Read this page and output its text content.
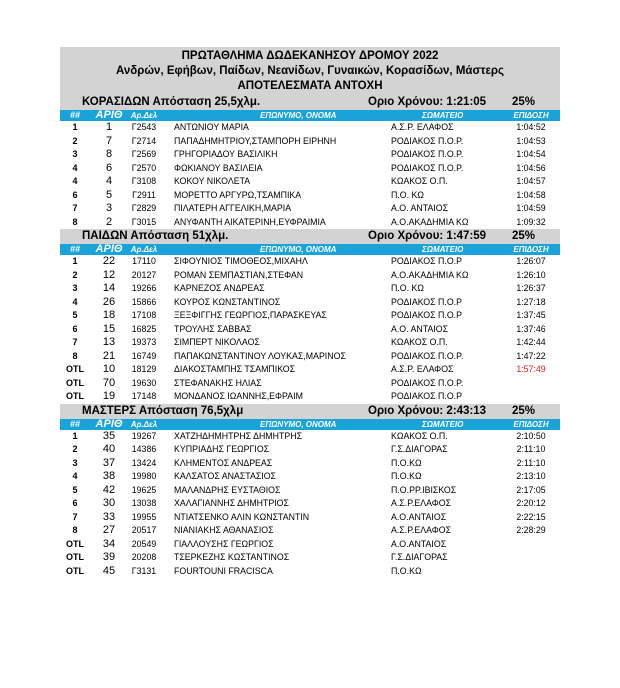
ΠΡΩΤΑΘΛΗΜΑ ΔΩΔΕΚΑΝΗΣΟΥ ΔΡΟΜΟΥ 2022
Ανδρών, Εφήβων, Παίδων, Νεανίδων, Γυναικών, Κορασίδων, Μάστερς
ΑΠΟΤΕΛΕΣΜΑΤΑ ΑΝΤΟΧΗ
ΚΟΡΑΣΙΔΩΝ Απόσταση 25,5χλμ.	Οριο Χρόνου: 1:21:05 25%
##	ΑΡΙΘ	Αρ.Δελ	ΕΠΩΝΥΜΟ, ΟΝΟΜΑ	ΣΩΜΑΤΕΙΟ	ΕΠΙΔΟΣΗ
1	1	Γ2543	ΑΝΤΩΝΙΟΥ ΜΑΡΙΑ	Α.Σ.Ρ. ΕΛΑΦΟΣ	1:04:52
2	7	Γ2714	ΠΑΠΑΔΗΜΗΤΡΙΟΥ,ΣΤΑΜΠΟΡΗ ΕΙΡΗΝΗ	ΡΟΔΙΑΚΟΣ Π.Ο.Ρ.	1:04:53
3	8	Γ2569	ΓΡΗΓΟΡΙΑΔΟΥ ΒΑΣΙΛΙΚΗ	ΡΟΔΙΑΚΟΣ Π.Ο.Ρ.	1:04:54
4	6	Γ2570	ΦΩΚΙΑΝΟΥ ΒΑΣΙΛΕΙΑ	ΡΟΔΙΑΚΟΣ Π.Ο.Ρ.	1:04:56
4	4	Γ3108	ΚΟΚΟΥ ΝΙΚΟΛΕΤΑ	ΚΩΑΚΟΣ Ο.Π.	1:04:57
6	5	Γ2911	ΜΟΡΕΤΤΟ ΑΡΓΥΡΩ,ΤΣΑΜΠΙΚΑ	Π.Ο. ΚΩ	1:04:58
7	3	Γ2829	ΠΙΛΑΤΕΡΗ ΑΓΓΕΛΙΚΗ,ΜΑΡΙΑ	Α.Ο. ΑΝΤΑΙΟΣ	1:04:59
8	2	Γ3015	ΑΝΥΦΑΝΤΗ ΑΙΚΑΤΕΡΙΝΗ,ΕΥΦΡΑΙΜΙΑ	Α.Ο.ΑΚΑΔΗΜΙΑ ΚΩ	1:09:32
ΠΑΙΔΩΝ Απόσταση 51χλμ.	Οριο Χρόνου: 1:47:59 25%
##	ΑΡΙΘ	Αρ.Δελ	ΕΠΩΝΥΜΟ, ΟΝΟΜΑ	ΣΩΜΑΤΕΙΟ	ΕΠΙΔΟΣΗ
1	22	17110	ΣΙΦΟΥΝΙΟΣ ΤΙΜΟΘΕΟΣ,ΜΙΧΑΗΛ	ΡΟΔΙΑΚΟΣ Π.Ο.Ρ	1:26:07
2	12	20127	ΡΟΜΑΝ ΣΕΜΠΑΣΤΙΑΝ,ΣΤΕΦΑΝ	Α.Ο.ΑΚΑΔΗΜΙΑ ΚΩ	1:26:10
3	14	19266	ΚΑΡΝΕΖΟΣ ΑΝΔΡΕΑΣ	Π.Ο. ΚΩ	1:26:37
4	26	15866	ΚΟΥΡΟΣ ΚΩΝΣΤΑΝΤΙΝΟΣ	ΡΟΔΙΑΚΟΣ Π.Ο.Ρ	1:27:18
5	18	17108	ΞΕΞΦΙΓΓΗΣ ΓΕΩΡΓΙΟΣ,ΠΑΡΑΣΚΕΥΑΣ	ΡΟΔΙΑΚΟΣ Π.Ο.Ρ	1:37:45
6	15	16825	ΤΡΟΥΛΗΣ ΣΑΒΒΑΣ	Α.Ο. ΑΝΤΑΙΟΣ	1:37:46
7	13	19373	ΣΙΜΠΕΡΤ ΝΙΚΟΛΑΟΣ	ΚΩΑΚΟΣ Ο.Π.	1:42:44
8	21	16749	ΠΑΠΑΚΩΝΣΤΑΝΤΙΝΟΥ ΛΟΥΚΑΣ,ΜΑΡΙΝΟΣ	ΡΟΔΙΑΚΟΣ Π.Ο.Ρ.	1:47:22
OTL	10	18129	ΔΙΑΚΟΣΤΑΜΠΗΣ ΤΣΑΜΠΙΚΟΣ	Α.Σ.Ρ. ΕΛΑΦΟΣ	1:57:49
OTL	70	19630	ΣΤΕΦΑΝΑΚΗΣ ΗΛΙΑΣ	ΡΟΔΙΑΚΟΣ Π.Ο.Ρ.
OTL	19	17148	ΜΟΝΔΑΝΟΣ ΙΩΑΝΝΗΣ,ΕΦΡΑΙΜ	ΡΟΔΙΑΚΟΣ Π.Ο.Ρ
ΜΑΣΤΕΡΣ Απόσταση 76,5χλμ	Οριο Χρόνου: 2:43:13 25%
##	ΑΡΙΘ	Αρ.Δελ	ΕΠΩΝΥΜΟ, ΟΝΟΜΑ	ΣΩΜΑΤΕΙΟ	ΕΠΙΔΟΣΗ
1	35	19267	ΧΑΤΖΗΔΗΜΗΤΡΗΣ ΔΗΜΗΤΡΗΣ	ΚΩΑΚΟΣ Ο.Π.	2:10:50
2	40	14386	ΚΥΠΡΙΑΔΗΣ ΓΕΩΡΓΙΟΣ	Γ.Σ.ΔΙΑΓΟΡΑΣ	2:11:10
3	37	13424	ΚΛΗΜΕΝΤΟΣ ΑΝΔΡΕΑΣ	Π.Ο.ΚΩ	2:11:10
4	38	19980	ΚΑΛΣΑΤΟΣ ΑΝΑΣΤΑΣΙΟΣ	Π.Ο.ΚΩ	2:13:10
5	42	19625	ΜΑΛΑΝΔΡΗΣ ΕΥΣΤΑΘΙΟΣ	Π.Ο.ΡΡ.ΙΒΙΣΚΟΣ	2:17:05
6	30	13038	ΧΑΛΑΓΙΑΝΝΗΣ ΔΗΜΗΤΡΙΟΣ	Α.Σ.Ρ.ΕΛΑΦΟΣ	2:20:12
7	33	19955	ΝΤΙΑΤΣΕΝΚΟ ΑΛΙΝ ΚΩΝΣΤΑΝΤΙΝ	Α.Ο.ΑΝΤΑΙΟΣ	2:22:15
8	27	20517	ΝΙΑΝΙΑΚΗΣ ΑΘΑΝΑΣΙΟΣ	Α.Σ.Ρ.ΕΛΑΦΟΣ	2:28:29
OTL	34	20549	ΓΙΑΛΛΟΥΣΗΣ ΓΕΩΡΓΙΟΣ	Α.Ο.ΑΝΤΑΙΟΣ
OTL	39	20208	ΤΣΕΡΚΕΖΗΣ ΚΩΣΤΑΝΤΙΝΟΣ	Γ.Σ.ΔΙΑΓΟΡΑΣ
OTL	45	Γ3131	FOURTOUNI FRACISCA	Π.Ο.ΚΩ
